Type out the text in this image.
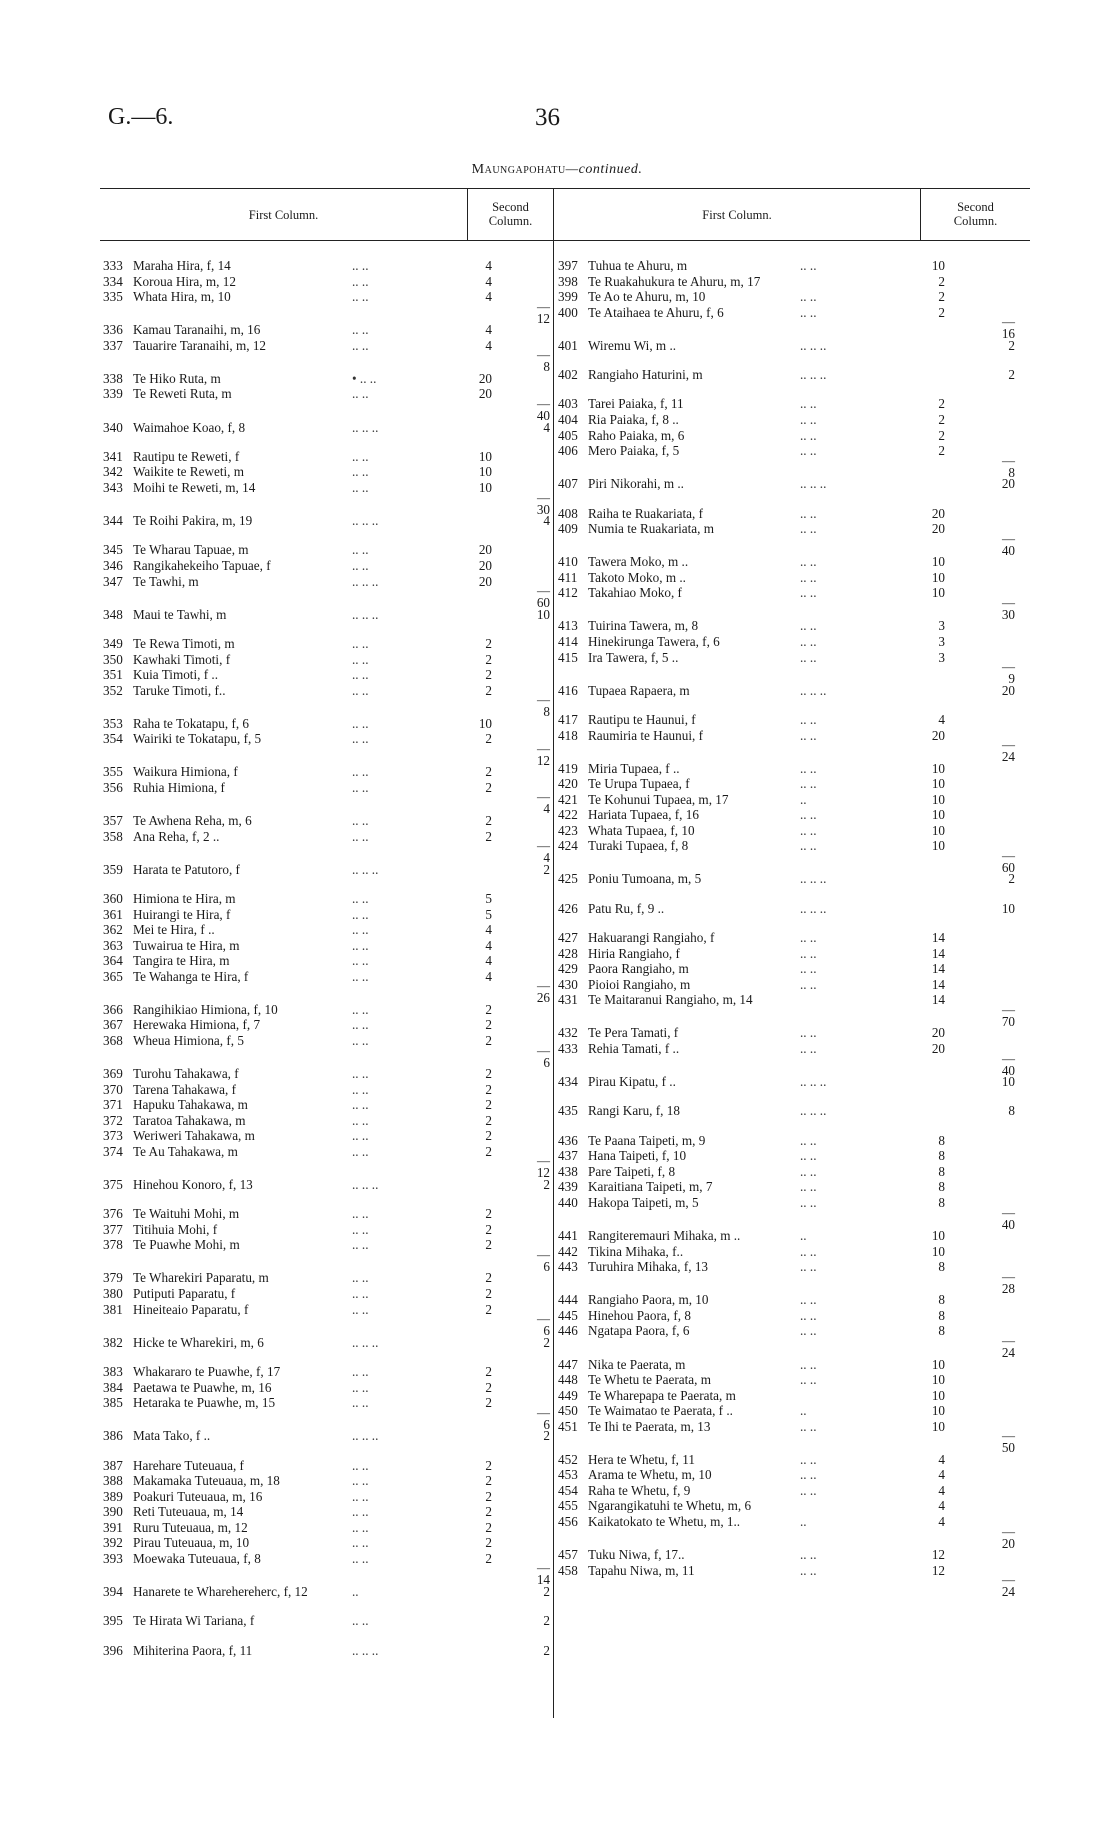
G.—6.	36
Maungapohatu—continued.
First Column.
Second
Column.	First Column.
Second
Column.
333 Maraha Hira, f, 14	.. ..	4
334 Koroua Hira, m, 12	.. ..	4
335 Whata Hira, m, 10	.. ..	4
—
12
336 Kamau Taranaihi, m, 16	.. ..	4
337 Tauarire Taranaihi, m, 12	.. ..	4
—
8
338 Te Hiko Ruta, m	• .. ..	20
339 Te Reweti Ruta, m	.. ..	20
—
40
340 Waimahoe Koao, f, 8	.. .. ..	4
341 Rautipu te Reweti, f	.. ..	10
342 Waikite te Reweti, m	.. ..	10
343 Moihi te Reweti, m, 14	.. ..	10
—
30
344 Te Roihi Pakira, m, 19	.. .. ..	4
345 Te Wharau Tapuae, m	.. ..	20
346 Rangikahekeiho Tapuae, f	.. ..	20
347 Te Tawhi, m	.. .. ..	20
—
60
348 Maui te Tawhi, m	.. .. ..	10
349 Te Rewa Timoti, m	.. ..	2
350 Kawhaki Timoti, f	.. ..	2
351 Kuia Timoti, f ..	.. ..	2
352 Taruke Timoti, f..	.. ..	2
—
8
353 Raha te Tokatapu, f, 6	.. ..	10
354 Wairiki te Tokatapu, f, 5	.. ..	2
—
12
355 Waikura Himiona, f	.. ..	2
356 Ruhia Himiona, f	.. ..	2
—
4
357 Te Awhena Reha, m, 6	.. ..	2
358 Ana Reha, f, 2 ..	.. ..	2
—
4
359 Harata te Patutoro, f	.. .. ..	2
360 Himiona te Hira, m	.. ..	5
361 Huirangi te Hira, f	.. ..	5
362 Mei te Hira, f ..	.. ..	4
363 Tuwairua te Hira, m	.. ..	4
364 Tangira te Hira, m	.. ..	4
365 Te Wahanga te Hira, f	.. ..	4
—
26
366 Rangihikiao Himiona, f, 10	.. ..	2
367 Herewaka Himiona, f, 7	.. ..	2
368 Wheua Himiona, f, 5	.. ..	2
—
6
369 Turohu Tahakawa, f	.. ..	2
370 Tarena Tahakawa, f	.. ..	2
371 Hapuku Tahakawa, m	.. ..	2
372 Taratoa Tahakawa, m	.. ..	2
373 Weriweri Tahakawa, m	.. ..	2
374 Te Au Tahakawa, m	.. ..	2
—
12
375 Hinehou Konoro, f, 13	.. .. ..	2
376 Te Waituhi Mohi, m	.. ..	2
377 Titihuia Mohi, f	.. ..	2
378 Te Puawhe Mohi, m	.. ..	2
—
6
379 Te Wharekiri Paparatu, m	.. ..	2
380 Putiputi Paparatu, f	.. ..	2
381 Hineiteaio Paparatu, f	.. ..	2
—
6
382 Hicke te Wharekiri, m, 6	.. .. ..	2
383 Whakararo te Puawhe, f, 17	.. ..	2
384 Paetawa te Puawhe, m, 16	.. ..	2
385 Hetaraka te Puawhe, m, 15	.. ..	2
—
6
386 Mata Tako, f ..	.. .. ..	2
387 Harehare Tuteuaua, f	.. ..	2
388 Makamaka Tuteuaua, m, 18	.. ..	2
389 Poakuri Tuteuaua, m, 16	.. ..	2
390 Reti Tuteuaua, m, 14	.. ..	2
391 Ruru Tuteuaua, m, 12	.. ..	2
392 Pirau Tuteuaua, m, 10	.. ..	2
393 Moewaka Tuteuaua, f, 8	.. ..	2
—
14
394 Hanarete te Wharehereherc, f, 12	..	2
395 Te Hirata Wi Tariana, f	.. ..	2
396 Mihiterina Paora, f, 11	.. .. ..	2
397 Tuhua te Ahuru, m	.. ..	10
398 Te Ruakahukura te Ahuru, m, 17	2
399 Te Ao te Ahuru, m, 10	.. ..	2
400 Te Ataihaea te Ahuru, f, 6	.. ..	2
—
16
401 Wiremu Wi, m ..	.. .. ..	2
402 Rangiaho Haturini, m	.. .. ..	2
403 Tarei Paiaka, f, 11	.. ..	2
404 Ria Paiaka, f, 8 ..	.. ..	2
405 Raho Paiaka, m, 6	.. ..	2
406 Mero Paiaka, f, 5	.. ..	2
—
8
407 Piri Nikorahi, m ..	.. .. ..	20
408 Raiha te Ruakariata, f	.. ..	20
409 Numia te Ruakariata, m	.. ..	20
—
40
410 Tawera Moko, m ..	.. ..	10
411 Takoto Moko, m ..	.. ..	10
412 Takahiao Moko, f	.. ..	10
—
30
413 Tuirina Tawera, m, 8	.. ..	3
414 Hinekirunga Tawera, f, 6	.. ..	3
415 Ira Tawera, f, 5 ..	.. ..	3
—
9
416 Tupaea Rapaera, m	.. .. ..	20
417 Rautipu te Haunui, f	.. ..	4
418 Raumiria te Haunui, f	.. ..	20
—
24
419 Miria Tupaea, f ..	.. ..	10
420 Te Urupa Tupaea, f	.. ..	10
421 Te Kohunui Tupaea, m, 17	..	10
422 Hariata Tupaea, f, 16	.. ..	10
423 Whata Tupaea, f, 10	.. ..	10
424 Turaki Tupaea, f, 8	.. ..	10
—
60
425 Poniu Tumoana, m, 5	.. .. ..	2
426 Patu Ru, f, 9 ..	.. .. ..	10
427 Hakuarangi Rangiaho, f	.. ..	14
428 Hiria Rangiaho, f	.. ..	14
429 Paora Rangiaho, m	.. ..	14
430 Pioioi Rangiaho, m	.. ..	14
431 Te Maitaranui Rangiaho, m, 14	14
—
70
432 Te Pera Tamati, f	.. ..	20
433 Rehia Tamati, f ..	.. ..	20
—
40
434 Pirau Kipatu, f ..	.. .. ..	10
435 Rangi Karu, f, 18	.. .. ..	8
436 Te Paana Taipeti, m, 9	.. ..	8
437 Hana Taipeti, f, 10	.. ..	8
438 Pare Taipeti, f, 8	.. ..	8
439 Karaitiana Taipeti, m, 7	.. ..	8
440 Hakopa Taipeti, m, 5	.. ..	8
—
40
441 Rangiteremauri Mihaka, m ..	..	10
442 Tikina Mihaka, f..	.. ..	10
443 Turuhira Mihaka, f, 13	.. ..	8
—
28
444 Rangiaho Paora, m, 10	.. ..	8
445 Hinehou Paora, f, 8	.. ..	8
446 Ngatapa Paora, f, 6	.. ..	8
—
24
447 Nika te Paerata, m	.. ..	10
448 Te Whetu te Paerata, m	.. ..	10
449 Te Wharepapa te Paerata, m	10
450 Te Waimatao te Paerata, f ..	..	10
451 Te Ihi te Paerata, m, 13	.. ..	10
—
50
452 Hera te Whetu, f, 11	.. ..	4
453 Arama te Whetu, m, 10	.. ..	4
454 Raha te Whetu, f, 9	.. ..	4
455 Ngarangikatuhi te Whetu, m, 6	4
456 Kaikatokato te Whetu, m, 1..	..	4
—
20
457 Tuku Niwa, f, 17..	.. ..	12
458 Tapahu Niwa, m, 11	.. ..	12
—
24
